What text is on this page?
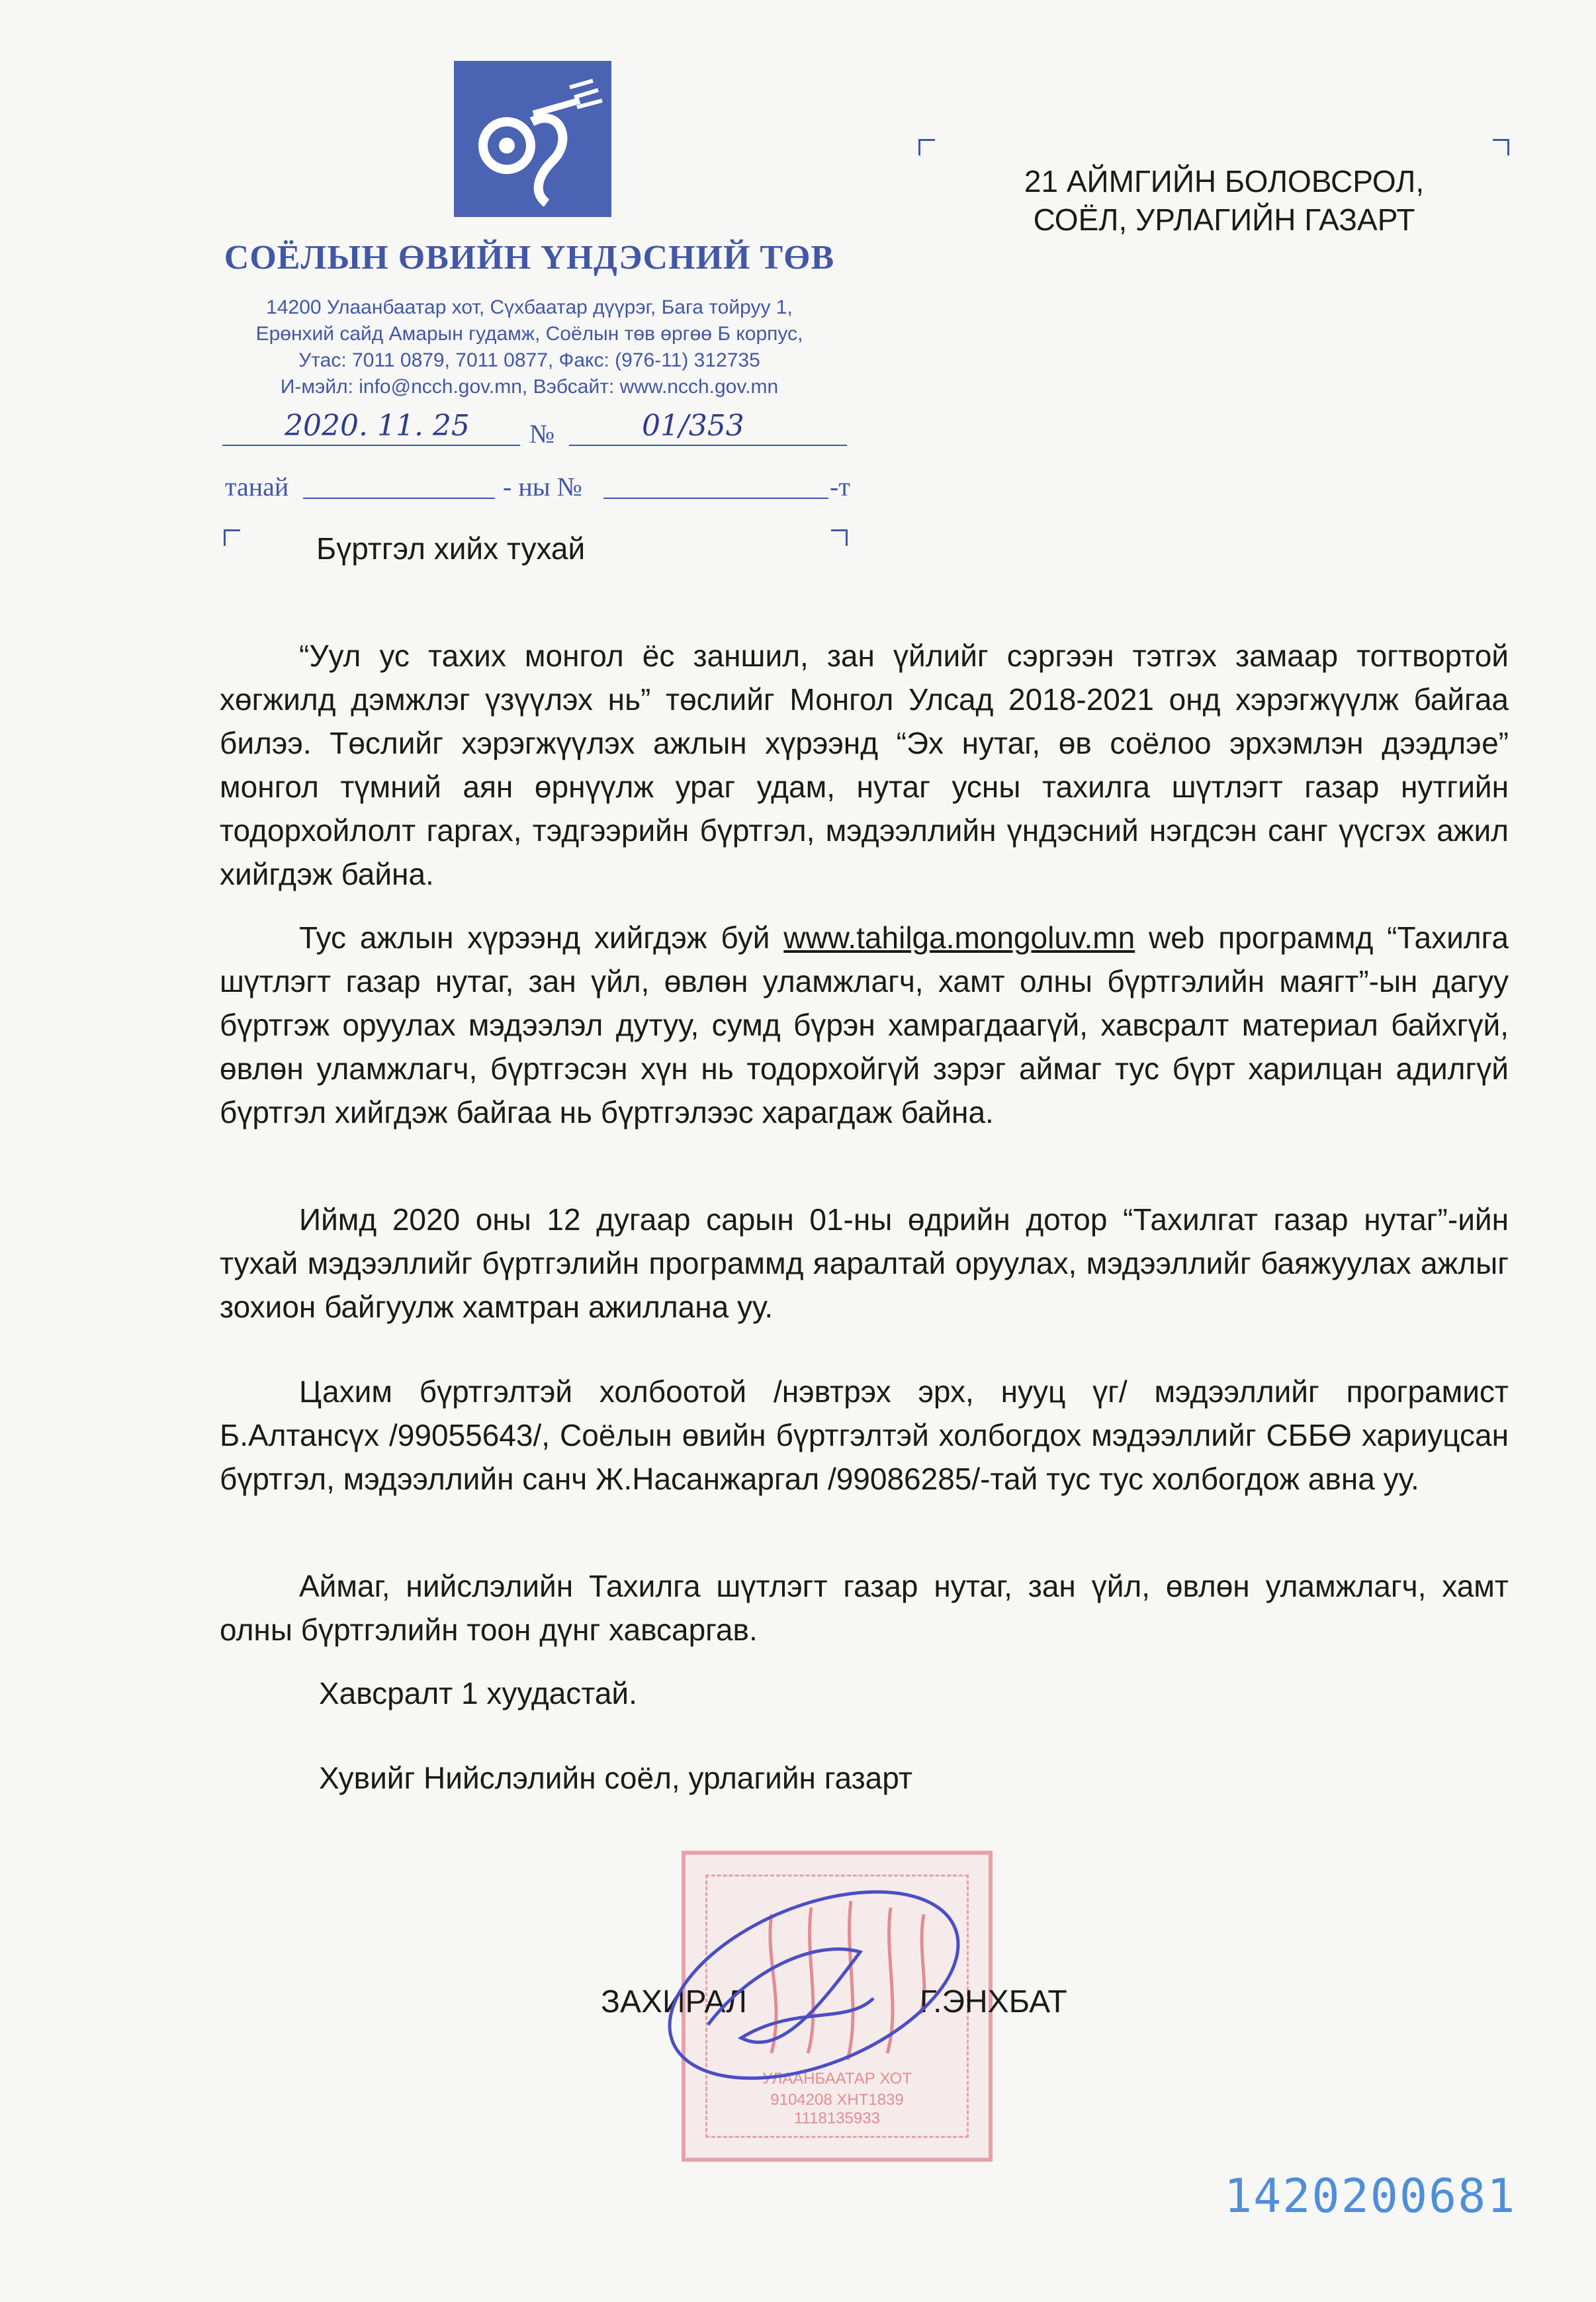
СОЁЛЫН ӨВИЙН ҮНДЭСНИЙ ТӨВ
14200 Улаанбаатар хот, Сүхбаатар дүүрэг, Бага тойруу 1,
Ерөнхий сайд Амарын гудамж, Соёлын төв өргөө Б корпус,
Утас: 7011 0879, 7011 0877, Факс: (976-11) 312735
И-мэйл: info@ncch.gov.mn, Вэбсайт: www.ncch.gov.mn
2020. 11. 25 №	01/353
танай	- ны №	-т
21 АЙМГИЙН БОЛОВСРОЛ,
СОЁЛ, УРЛАГИЙН ГАЗАРТ
Бүртгэл хийх тухай
“Уул ус тахих монгол ёс заншил, зан үйлийг сэргээн тэтгэх замаар тогтвортой хөгжилд дэмжлэг үзүүлэх нь” төслийг Монгол Улсад 2018-2021 онд хэрэгжүүлж байгаа билээ. Төслийг хэрэгжүүлэх ажлын хүрээнд “Эх нутаг, өв соёлоо эрхэмлэн дээдлэе” монгол түмний аян өрнүүлж ураг удам, нутаг усны тахилга шүтлэгт газар нутгийн тодорхойлолт гаргах, тэдгээрийн бүртгэл, мэдээллийн үндэсний нэгдсэн санг үүсгэх ажил хийгдэж байна.
Тус ажлын хүрээнд хийгдэж буй www.tahilga.mongoluv.mn web программд “Тахилга шүтлэгт газар нутаг, зан үйл, өвлөн уламжлагч, хамт олны бүртгэлийн маягт”-ын дагуу бүртгэж оруулах мэдээлэл дутуу, сумд бүрэн хамрагдаагүй, хавсралт материал байхгүй, өвлөн уламжлагч, бүртгэсэн хүн нь тодорхойгүй зэрэг аймаг тус бүрт харилцан адилгүй бүртгэл хийгдэж байгаа нь бүртгэлээс харагдаж байна.
Иймд 2020 оны 12 дугаар сарын 01-ны өдрийн дотор “Тахилгат газар нутаг”-ийн тухай мэдээллийг бүртгэлийн программд яаралтай оруулах, мэдээллийг баяжуулах ажлыг зохион байгуулж хамтран ажиллана уу.
Цахим бүртгэлтэй холбоотой /нэвтрэх эрх, нууц үг/ мэдээллийг програмист Б.Алтансүх /99055643/, Соёлын өвийн бүртгэлтэй холбогдох мэдээллийг СББӨ хариуцсан бүртгэл, мэдээллийн санч Ж.Насанжаргал /99086285/-тай тус тус холбогдож авна уу.
Аймаг, нийслэлийн Тахилга шүтлэгт газар нутаг, зан үйл, өвлөн уламжлагч, хамт олны бүртгэлийн тоон дүнг хавсаргав.
Хавсралт 1 хуудастай.
Хувийг Нийслэлийн соёл, урлагийн газарт
УЛААНБААТАР ХОТ
9104208 ХНТ1839
1118135933
ЗАХИРАЛ	Г.ЭНХБАТ
1420200681
